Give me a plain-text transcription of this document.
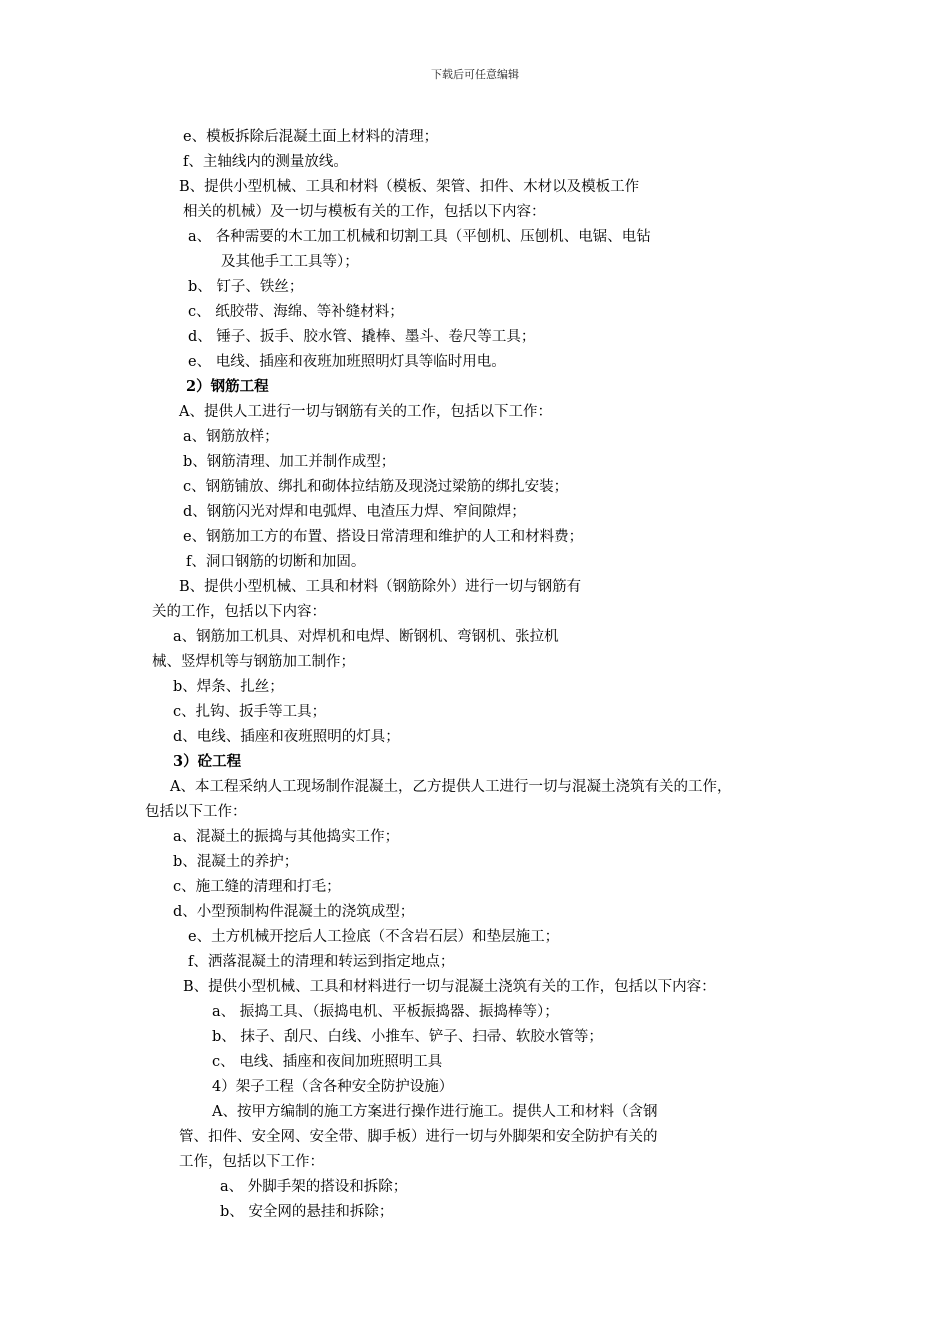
下载后可任意编辑
e、模板拆除后混凝土面上材料的清理；
f、主轴线内的测量放线。
B、提供小型机械、工具和材料（模板、架管、扣件、木材以及模板工作
相关的机械）及一切与模板有关的工作，包括以下内容：
a、 各种需要的木工加工机械和切割工具（平刨机、压刨机、电锯、电钻
及其他手工工具等）；
b、 钉子、铁丝；
c、 纸胶带、海绵、等补缝材料；
d、 锤子、扳手、胶水管、撬棒、墨斗、卷尺等工具；
e、 电线、插座和夜班加班照明灯具等临时用电。
2）钢筋工程
A、提供人工进行一切与钢筋有关的工作，包括以下工作：
a、钢筋放样；
b、钢筋清理、加工并制作成型；
c、钢筋铺放、绑扎和砌体拉结筋及现浇过梁筋的绑扎安装；
d、钢筋闪光对焊和电弧焊、电渣压力焊、窄间隙焊；
e、钢筋加工方的布置、搭设日常清理和维护的人工和材料费；
f、洞口钢筋的切断和加固。
B、提供小型机械、工具和材料（钢筋除外）进行一切与钢筋有
关的工作，包括以下内容：
a、钢筋加工机具、对焊机和电焊、断钢机、弯钢机、张拉机
械、竖焊机等与钢筋加工制作；
b、焊条、扎丝；
c、扎钩、扳手等工具；
d、电线、插座和夜班照明的灯具；
3）砼工程
A、本工程采纳人工现场制作混凝土，乙方提供人工进行一切与混凝土浇筑有关的工作，
包括以下工作：
a、混凝土的振捣与其他捣实工作；
b、混凝土的养护；
c、施工缝的清理和打毛；
d、小型预制构件混凝土的浇筑成型；
e、土方机械开挖后人工捡底（不含岩石层）和垫层施工；
f、洒落混凝土的清理和转运到指定地点；
B、提供小型机械、工具和材料进行一切与混凝土浇筑有关的工作，包括以下内容：
a、 振捣工具、（振捣电机、平板振捣器、振捣棒等）；
b、 抹子、刮尺、白线、小推车、铲子、扫帚、软胶水管等；
c、 电线、插座和夜间加班照明工具
4）架子工程（含各种安全防护设施）
A、按甲方编制的施工方案进行操作进行施工。提供人工和材料（含钢
管、扣件、安全网、安全带、脚手板）进行一切与外脚架和安全防护有关的
工作，包括以下工作：
a、 外脚手架的搭设和拆除；
b、 安全网的悬挂和拆除；
